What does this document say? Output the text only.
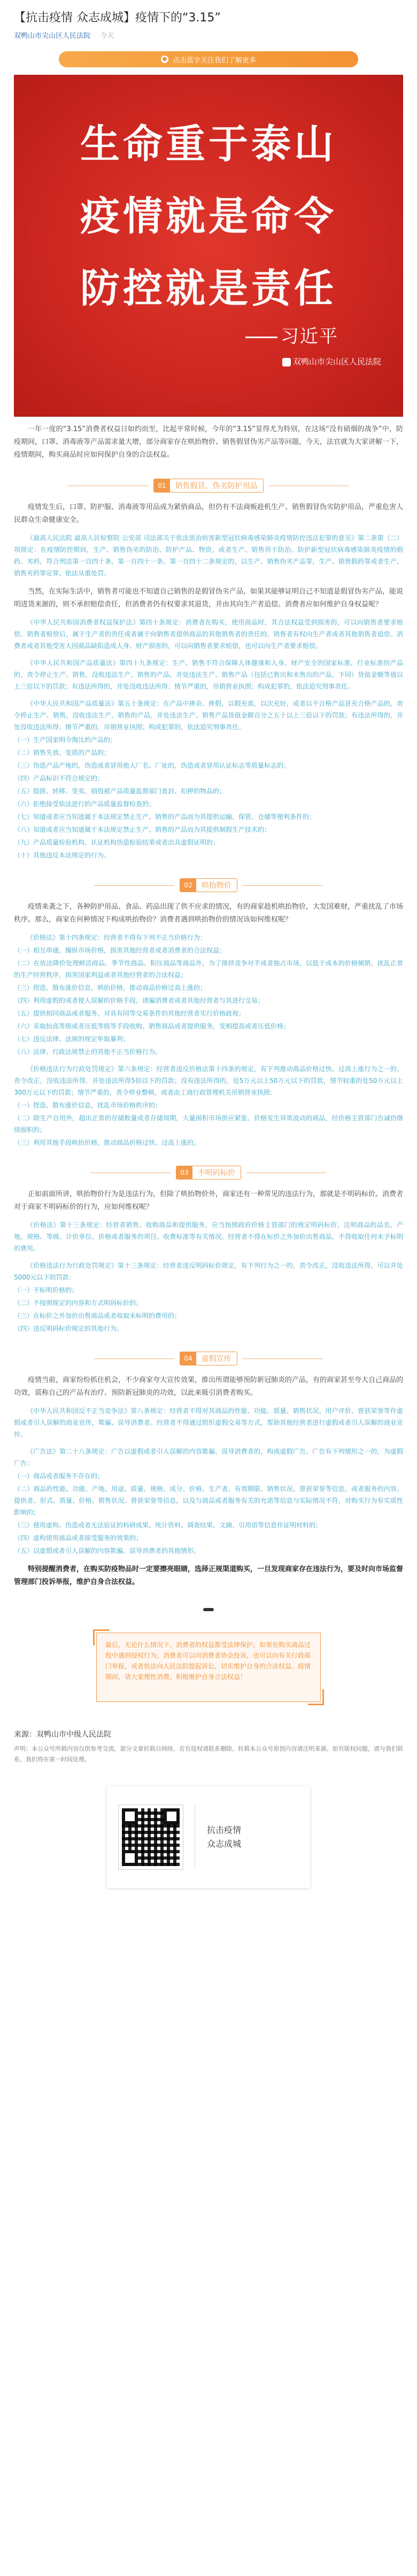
【抗击疫情 众志成城】疫情下的“3.15”
双鸭山市尖山区人民法院 今天
● 点击蓝字关注我们了解更多
生命重于泰山
疫情就是命令
防控就是责任
习近平
双鸭山市尖山区人民法院

一年一度的“3.15”消费者权益日如约而至，比起平常时候，今年的“3.15”显得尤为特别，在这场“没有硝烟的战争”中，防疫期间，口罩、消毒液等产品需求量大增，部分商家存在哄抬物价、销售假冒伪劣产品等问题，今天，法官就为大家讲解一下，疫情期间，购买商品时应如何保护自身的合法权益。

01	销售假冒、伪劣防护用品

疫情发生后，口罩、防护服、消毒液等用品成为紧俏商品，但仍有不法商贩趁机生产、销售假冒伪劣防护用品，严重危害人民群众生命健康安全。

《最高人民法院 最高人民检察院 公安部 司法部关于依法惩治妨害新型冠状病毒感染肺炎疫情防控违法犯罪的意见》第二条第（二）项规定：在疫情防控期间，生产、销售伪劣的防治、防护产品、物资，或者生产、销售用于防治、防护新型冠状病毒感染肺炎疫情的假药、劣药，符合刑法第一百四十条、第一百四十一条、第一百四十二条规定的，以生产、销售伪劣产品罪，生产、销售假药罪或者生产、销售劣药罪定罪，依法从重处罚。

当然，在实际生活中，销售者可能也不知道自己销售的是假冒伪劣产品，如果其能够证明自己不知道是假冒伪劣产品，能说明进货来源的，则不承担赔偿责任，但消费者仍有权要求其退货，并由其向生产者追偿。消费者应如何维护自身权益呢？

《中华人民共和国消费者权益保护法》第四十条规定：消费者在购买、使用商品时，其合法权益受到损害的，可以向销售者要求赔偿。销售者赔偿后，属于生产者的责任或者属于向销售者提供商品的其他销售者的责任的，销售者有权向生产者或者其他销售者追偿。消费者或者其他受害人因商品缺陷造成人身、财产损害的，可以向销售者要求赔偿，也可以向生产者要求赔偿。

《中华人民共和国产品质量法》第四十九条规定：生产、销售不符合保障人体健康和人身、财产安全的国家标准、行业标准的产品的，责令停止生产、销售，没收违法生产、销售的产品，并处违法生产、销售产品（包括已售出和未售出的产品，下同）货值金额等值以上三倍以下的罚款；有违法所得的，并处没收违法所得；情节严重的，吊销营业执照；构成犯罪的，依法追究刑事责任。

《中华人民共和国产品质量法》第五十条规定：在产品中掺杂、掺假，以假充真，以次充好，或者以不合格产品冒充合格产品的，责令停止生产、销售，没收违法生产、销售的产品，并处违法生产、销售产品货值金额百分之五十以上三倍以下的罚款；有违法所得的，并处没收违法所得；情节严重的，吊销营业执照；构成犯罪的，依法追究刑事责任。

（一）生产国家明令淘汰的产品的；

（二）销售失效、变质的产品的；

（三）伪造产品产地的，伪造或者冒用他人厂名、厂址的，伪造或者冒用认证标志等质量标志的；

（四）产品标识不符合规定的；

（五）隐匿、转移、变卖、损毁被产品质量监督部门查封、扣押的物品的；

（六）拒绝接受依法进行的产品质量监督检查的；

（七）知道或者应当知道属于本法规定禁止生产、销售的产品而为其提供运输、保管、仓储等便利条件的；

（八）知道或者应当知道属于本法规定禁止生产、销售的产品而为其提供制假生产技术的；

（九）产品质量检验机构、认证机构伪造检验结果或者出具虚假证明的；

（十）其他违反本法规定的行为。

02	哄抬物价

疫情来袭之下，各种防护用品、食品、药品出现了供不应求的情况，有的商家趁机哄抬物价，大发国难财，严重扰乱了市场秩序。那么，商家在何种情况下构成哄抬物价？消费者遇到哄抬物价的情况该如何维权呢？

《价格法》第十四条规定：经营者不得有下列不正当价格行为：

（一）相互串通，操纵市场价格，损害其他经营者或者消费者的合法权益；

（二）在依法降价处理鲜活商品、季节性商品、积压商品等商品外，为了排挤竞争对手或者独占市场，以低于成本的价格倾销，扰乱正常的生产经营秩序，损害国家利益或者其他经营者的合法权益；

（三）捏造、散布涨价信息，哄抬价格，推动商品价格过高上涨的；

（四）利用虚假的或者使人误解的价格手段，诱骗消费者或者其他经营者与其进行交易；

（五）提供相同商品或者服务，对具有同等交易条件的其他经营者实行价格歧视；

（六）采取抬高等级或者压低等级等手段收购、销售商品或者提供服务，变相提高或者压低价格；

（七）违反法律、法规的规定牟取暴利；

（八）法律、行政法规禁止的其他不正当价格行为。

《价格违法行为行政处罚规定》第六条规定：经营者违反价格法第十四条的规定，有下列推动商品价格过快、过高上涨行为之一的，责令改正，没收违法所得，并处违法所得5倍以下的罚款；没有违法所得的，处5万元以上50万元以下的罚款，情节较重的处50万元以上300万元以下的罚款；情节严重的，责令停业整顿，或者由工商行政管理机关吊销营业执照：

（一）捏造、散布涨价信息，扰乱市场价格秩序的；

（二）除生产自用外，超出正常的存储数量或者存储周期，大量囤积市场供应紧张、价格发生异常波动的商品，经价格主管部门告诫仍继续囤积的；

（三）利用其他手段哄抬价格，推动商品价格过快、过高上涨的。

03	不明码标价

正如前面所讲，哄抬物价行为是违法行为，但除了哄抬物价外，商家还有一种常见的违法行为，那就是不明码标价。消费者对于商家不明码标价的行为，应如何维权呢？

《价格法》第十三条规定：经营者销售、收购商品和提供服务，应当按照政府价格主管部门的规定明码标价，注明商品的品名、产地、规格、等级、计价单位、价格或者服务的项目、收费标准等有关情况。经营者不得在标价之外加价出售商品，不得收取任何未予标明的费用。

《价格违法行为行政处罚规定》第十三条规定：经营者违反明码标价规定，有下列行为之一的，责令改正，没收违法所得，可以并处5000元以下的罚款：

（一）不标明价格的；

（二）不按照规定的内容和方式明码标价的；

（三）在标价之外加价出售商品或者收取未标明的费用的；

（四）违反明码标价规定的其他行为。

04	虚假宣传

疫情当前，商家纷纷抓住机会，不少商家夸大宣传效果，推出所谓能够预防新冠肺炎的产品，有的商家甚至夸大自己商品的功效，谎称自己的产品有治疗、预防新冠肺炎的功效，以此来吸引消费者购买。

《中华人民共和国反不正当竞争法》第八条规定：经营者不得对其商品的性能、功能、质量、销售状况、用户评价、曾获荣誉等作虚假或者引人误解的商业宣传，欺骗、误导消费者。经营者不得通过组织虚假交易等方式，帮助其他经营者进行虚假或者引人误解的商业宣传。

《广告法》第二十八条规定：广告以虚假或者引人误解的内容欺骗、误导消费者的，构成虚假广告。广告有下列情形之一的，为虚假广告：

（一）商品或者服务不存在的；

（二）商品的性能、功能、产地、用途、质量、规格、成分、价格、生产者、有效期限、销售状况、曾获荣誉等信息，或者服务的内容、提供者、形式、质量、价格、销售状况、曾获荣誉等信息，以及与商品或者服务有关的允诺等信息与实际情况不符，对购买行为有实质性影响的；

（三）使用虚构、伪造或者无法验证的科研成果、统计资料、调查结果、文摘、引用语等信息作证明材料的；

（四）虚构使用商品或者接受服务的效果的；

（五）以虚假或者引人误解的内容欺骗、误导消费者的其他情形。

特别提醒消费者，在购买防疫物品时一定要擦亮眼睛，选择正规渠道购买，一旦发现商家存在违法行为，要及时向市场监督管理部门投诉举报，维护自身合法权益。

最后，无论什么情况下，消费者的权益都受法律保护。如果在购买商品过程中遇到侵权行为，消费者可以向消费者协会投诉，也可以向有关行政部门举报，或者依法向人民法院提起诉讼，切实维护自身的合法权益。疫情期间，请大家理性消费，积极维护自身合法权益！
来源：双鸭山市中级人民法院

声明：本公众号所载内容仅供参考交流，部分文章转载自网络，若有侵权请联系删除。转载本公众号原创内容请注明来源。如有版权问题，请与我们联系，我们将在第一时间处理。

抗击疫情
众志成城
